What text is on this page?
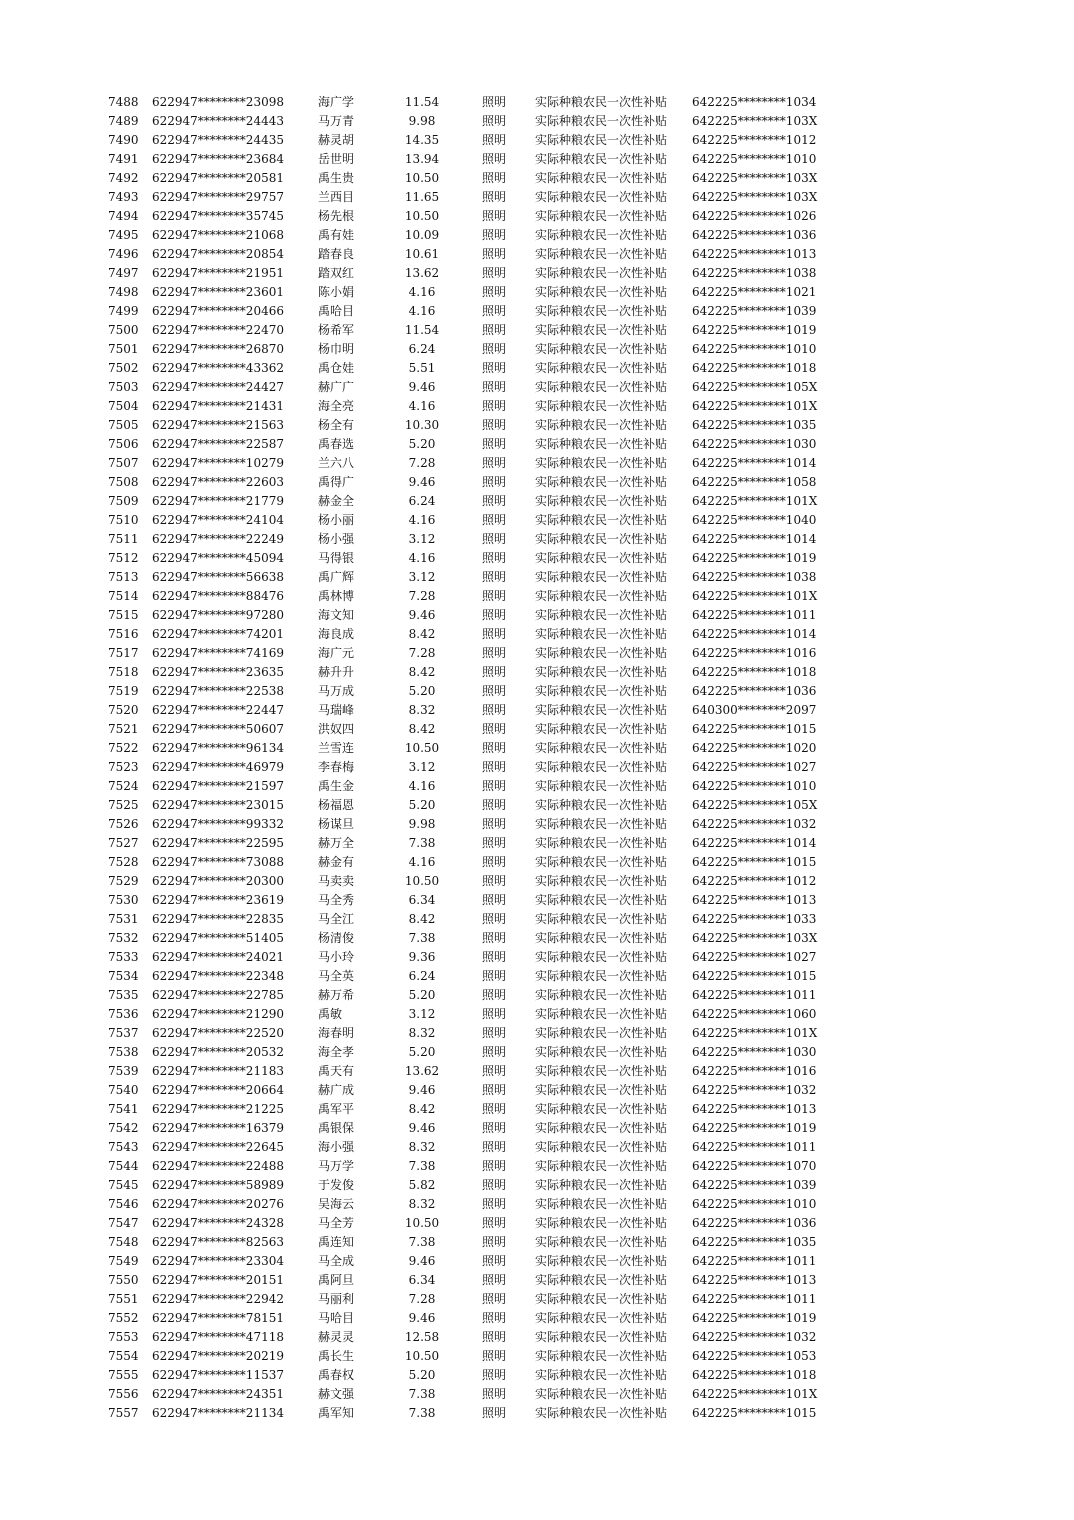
7488 622947********23098	海广学	11.54	照明 实际种粮农民一次性补贴 642225********1034
7489 622947********24443	马万青	9.98	照明 实际种粮农民一次性补贴 642225********103X
7490 622947********24435	赫灵胡	14.35	照明 实际种粮农民一次性补贴 642225********1012
7491 622947********23684	岳世明	13.94	照明 实际种粮农民一次性补贴 642225********1010
7492 622947********20581	禹生贵	10.50	照明 实际种粮农民一次性补贴 642225********103X
7493 622947********29757	兰西目	11.65	照明 实际种粮农民一次性补贴 642225********103X
7494 622947********35745	杨先根	10.50	照明 实际种粮农民一次性补贴 642225********1026
7495 622947********21068	禹有娃	10.09	照明 实际种粮农民一次性补贴 642225********1036
7496 622947********20854	踏春良	10.61	照明 实际种粮农民一次性补贴 642225********1013
7497 622947********21951	踏双红	13.62	照明 实际种粮农民一次性补贴 642225********1038
7498 622947********23601	陈小娟	4.16	照明 实际种粮农民一次性补贴 642225********1021
7499 622947********20466	禹哈目	4.16	照明 实际种粮农民一次性补贴 642225********1039
7500 622947********22470	杨希军	11.54	照明 实际种粮农民一次性补贴 642225********1019
7501 622947********26870	杨巾明	6.24	照明 实际种粮农民一次性补贴 642225********1010
7502 622947********43362	禹仓娃	5.51	照明 实际种粮农民一次性补贴 642225********1018
7503 622947********24427	赫广广	9.46	照明 实际种粮农民一次性补贴 642225********105X
7504 622947********21431	海全亮	4.16	照明 实际种粮农民一次性补贴 642225********101X
7505 622947********21563	杨全有	10.30	照明 实际种粮农民一次性补贴 642225********1035
7506 622947********22587	禹春选	5.20	照明 实际种粮农民一次性补贴 642225********1030
7507 622947********10279	兰六八	7.28	照明 实际种粮农民一次性补贴 642225********1014
7508 622947********22603	禹得广	9.46	照明 实际种粮农民一次性补贴 642225********1058
7509 622947********21779	赫金全	6.24	照明 实际种粮农民一次性补贴 642225********101X
7510 622947********24104	杨小丽	4.16	照明 实际种粮农民一次性补贴 642225********1040
7511 622947********22249	杨小强	3.12	照明 实际种粮农民一次性补贴 642225********1014
7512 622947********45094	马得银	4.16	照明 实际种粮农民一次性补贴 642225********1019
7513 622947********56638	禹广辉	3.12	照明 实际种粮农民一次性补贴 642225********1038
7514 622947********88476	禹林博	7.28	照明 实际种粮农民一次性补贴 642225********101X
7515 622947********97280	海文知	9.46	照明 实际种粮农民一次性补贴 642225********1011
7516 622947********74201	海良成	8.42	照明 实际种粮农民一次性补贴 642225********1014
7517 622947********74169	海广元	7.28	照明 实际种粮农民一次性补贴 642225********1016
7518 622947********23635	赫升升	8.42	照明 实际种粮农民一次性补贴 642225********1018
7519 622947********22538	马万成	5.20	照明 实际种粮农民一次性补贴 642225********1036
7520 622947********22447	马瑞峰	8.32	照明 实际种粮农民一次性补贴 640300********2097
7521 622947********50607	洪奴四	8.42	照明 实际种粮农民一次性补贴 642225********1015
7522 622947********96134	兰雪连	10.50	照明 实际种粮农民一次性补贴 642225********1020
7523 622947********46979	李春梅	3.12	照明 实际种粮农民一次性补贴 642225********1027
7524 622947********21597	禹生金	4.16	照明 实际种粮农民一次性补贴 642225********1010
7525 622947********23015	杨福恩	5.20	照明 实际种粮农民一次性补贴 642225********105X
7526 622947********99332	杨谋旦	9.98	照明 实际种粮农民一次性补贴 642225********1032
7527 622947********22595	赫万全	7.38	照明 实际种粮农民一次性补贴 642225********1014
7528 622947********73088	赫金有	4.16	照明 实际种粮农民一次性补贴 642225********1015
7529 622947********20300	马卖卖	10.50	照明 实际种粮农民一次性补贴 642225********1012
7530 622947********23619	马全秀	6.34	照明 实际种粮农民一次性补贴 642225********1013
7531 622947********22835	马全江	8.42	照明 实际种粮农民一次性补贴 642225********1033
7532 622947********51405	杨清俊	7.38	照明 实际种粮农民一次性补贴 642225********103X
7533 622947********24021	马小玲	9.36	照明 实际种粮农民一次性补贴 642225********1027
7534 622947********22348	马全英	6.24	照明 实际种粮农民一次性补贴 642225********1015
7535 622947********22785	赫万希	5.20	照明 实际种粮农民一次性补贴 642225********1011
7536 622947********21290	禹敏	3.12	照明 实际种粮农民一次性补贴 642225********1060
7537 622947********22520	海春明	8.32	照明 实际种粮农民一次性补贴 642225********101X
7538 622947********20532	海全孝	5.20	照明 实际种粮农民一次性补贴 642225********1030
7539 622947********21183	禹天有	13.62	照明 实际种粮农民一次性补贴 642225********1016
7540 622947********20664	赫广成	9.46	照明 实际种粮农民一次性补贴 642225********1032
7541 622947********21225	禹军平	8.42	照明 实际种粮农民一次性补贴 642225********1013
7542 622947********16379	禹银保	9.46	照明 实际种粮农民一次性补贴 642225********1019
7543 622947********22645	海小强	8.32	照明 实际种粮农民一次性补贴 642225********1011
7544 622947********22488	马万学	7.38	照明 实际种粮农民一次性补贴 642225********1070
7545 622947********58989	于发俊	5.82	照明 实际种粮农民一次性补贴 642225********1039
7546 622947********20276	吴海云	8.32	照明 实际种粮农民一次性补贴 642225********1010
7547 622947********24328	马全芳	10.50	照明 实际种粮农民一次性补贴 642225********1036
7548 622947********82563	禹连知	7.38	照明 实际种粮农民一次性补贴 642225********1035
7549 622947********23304	马全成	9.46	照明 实际种粮农民一次性补贴 642225********1011
7550 622947********20151	禹阿旦	6.34	照明 实际种粮农民一次性补贴 642225********1013
7551 622947********22942	马丽利	7.28	照明 实际种粮农民一次性补贴 642225********1011
7552 622947********78151	马哈目	9.46	照明 实际种粮农民一次性补贴 642225********1019
7553 622947********47118	赫灵灵	12.58	照明 实际种粮农民一次性补贴 642225********1032
7554 622947********20219	禹长生	10.50	照明 实际种粮农民一次性补贴 642225********1053
7555 622947********11537	禹春权	5.20	照明 实际种粮农民一次性补贴 642225********1018
7556 622947********24351	赫文强	7.38	照明 实际种粮农民一次性补贴 642225********101X
7557 622947********21134	禹军知	7.38	照明 实际种粮农民一次性补贴 642225********1015
